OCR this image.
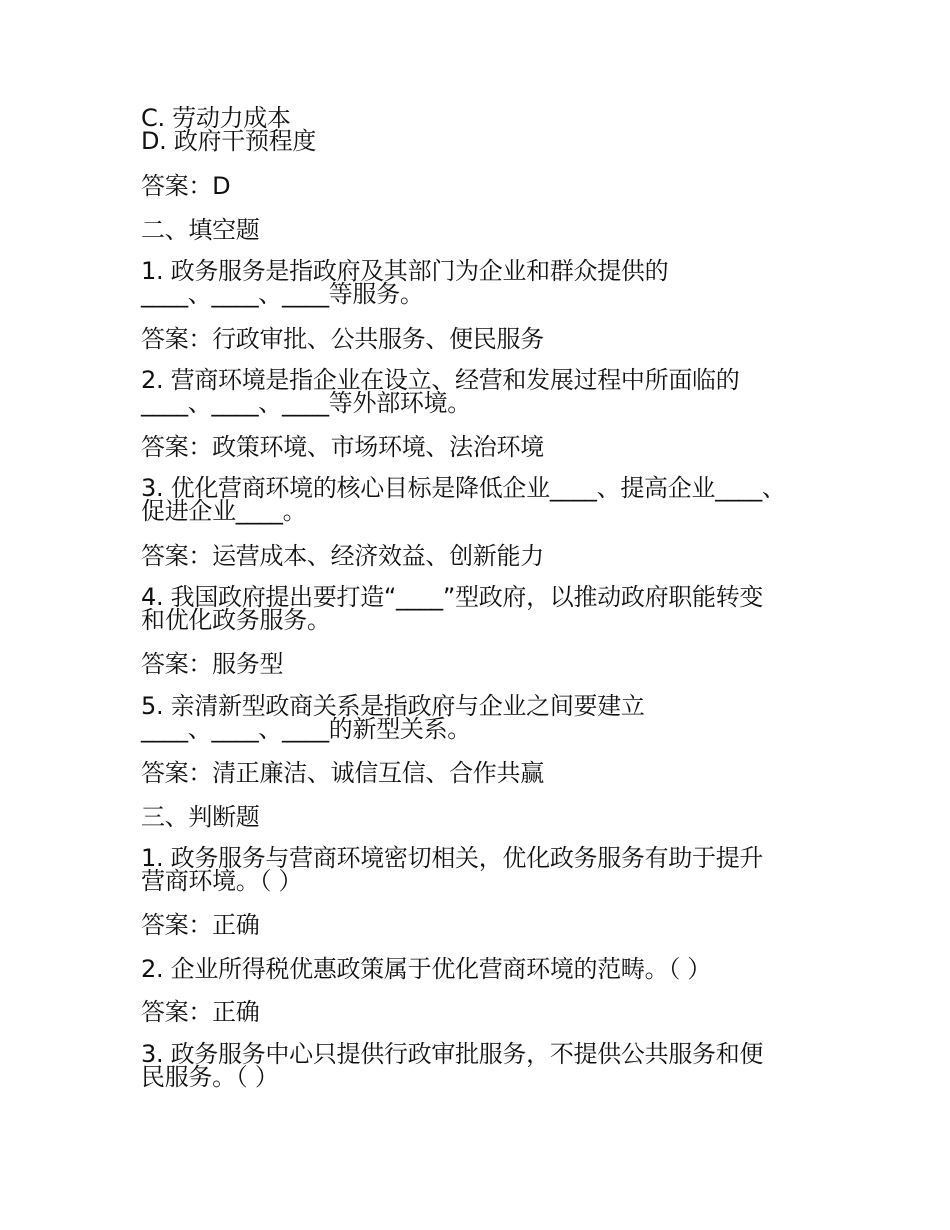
C. 劳动力成本
D. 政府干预程度
答案：D
二、填空题
1. 政务服务是指政府及其部门为企业和群众提供的
____、____、____等服务。
答案：行政审批、公共服务、便民服务
2. 营商环境是指企业在设立、经营和发展过程中所面临的
____、____、____等外部环境。
答案：政策环境、市场环境、法治环境
3. 优化营商环境的核心目标是降低企业____、提高企业____、
促进企业____。
答案：运营成本、经济效益、创新能力
4. 我国政府提出要打造“____”型政府，以推动政府职能转变
和优化政务服务。
答案：服务型
5. 亲清新型政商关系是指政府与企业之间要建立
____、____、____的新型关系。
答案：清正廉洁、诚信互信、合作共赢
三、判断题
1. 政务服务与营商环境密切相关，优化政务服务有助于提升
营商环境。（ ）
答案：正确
2. 企业所得税优惠政策属于优化营商环境的范畴。（ ）
答案：正确
3. 政务服务中心只提供行政审批服务，不提供公共服务和便
民服务。（ ）
